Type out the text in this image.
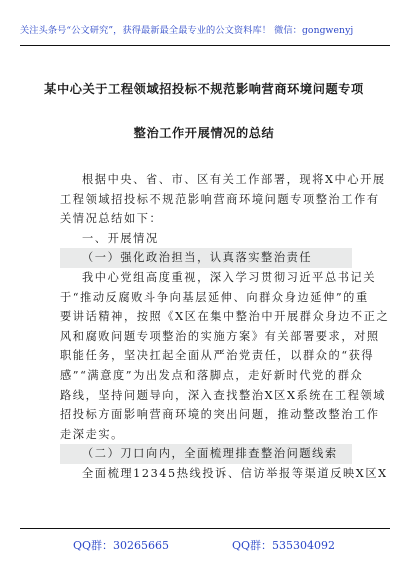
关注头条号“公文研究”，获得最新最全最专业的公文资料库！ 微信：gongwenyj
某中心关于工程领域招投标不规范影响营商环境问题专项
整治工作开展情况的总结
根据中央、省、市、区有关工作部署，现将X中心开展
工程领域招投标不规范影响营商环境问题专项整治工作有
关情况总结如下：
一、开展情况
（一）强化政治担当，认真落实整治责任
我中心党组高度重视，深入学习贯彻习近平总书记关
于“推动反腐败斗争向基层延伸、向群众身边延伸”的重
要讲话精神，按照《X区在集中整治中开展群众身边不正之
风和腐败问题专项整治的实施方案》有关部署要求，对照
职能任务，坚决扛起全面从严治党责任，以群众的“获得
感”“满意度”为出发点和落脚点，走好新时代党的群众
路线，坚持问题导向，深入查找整治X区X系统在工程领域
招投标方面影响营商环境的突出问题，推动整改整治工作
走深走实。
（二）刀口向内，全面梳理排查整治问题线索
全面梳理12345热线投诉、信访举报等渠道反映X区X
QQ群：30265665	QQ群：535304092
